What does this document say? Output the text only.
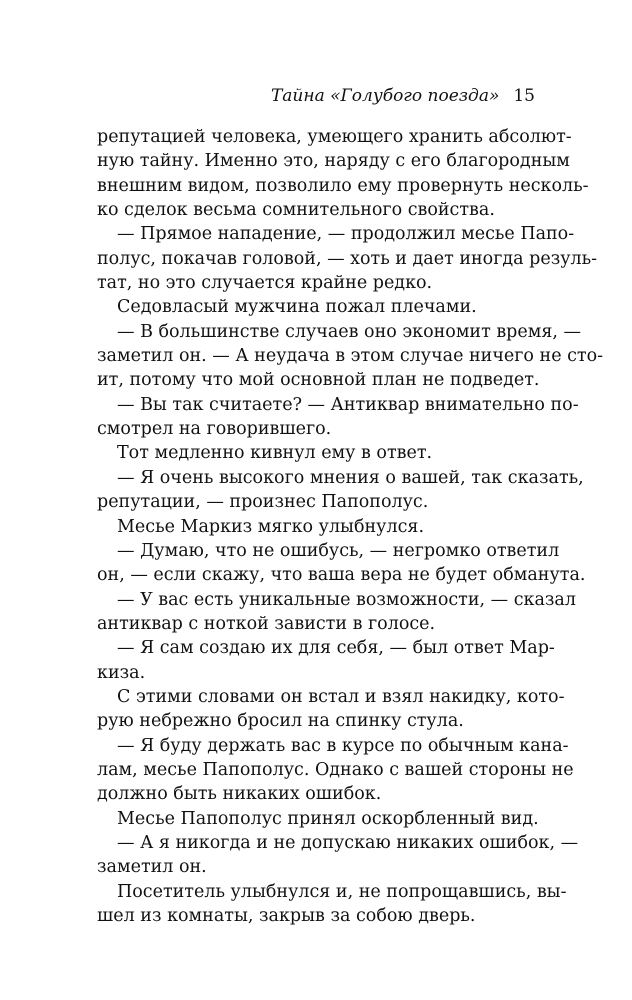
Тайна «Голубого поезда» 15
репутацией человека, умеющего хранить абсолют-
ную тайну. Именно это, наряду с его благородным
внешним видом, позволило ему провернуть несколь-
ко сделок весьма сомнительного свойства.
— Прямое нападение, — продолжил месье Папо-
полус, покачав головой, — хоть и дает иногда резуль-
тат, но это случается крайне редко.
Седовласый мужчина пожал плечами.
— В большинстве случаев оно экономит время, —
заметил он. — А неудача в этом случае ничего не сто-
ит, потому что мой основной план не подведет.
— Вы так считаете? — Антиквар внимательно по-
смотрел на говорившего.
Тот медленно кивнул ему в ответ.
— Я очень высокого мнения о вашей, так сказать,
репутации, — произнес Папополус.
Месье Маркиз мягко улыбнулся.
— Думаю, что не ошибусь, — негромко ответил
он, — если скажу, что ваша вера не будет обманута.
— У вас есть уникальные возможности, — сказал
антиквар с ноткой зависти в голосе.
— Я сам создаю их для себя, — был ответ Мар-
киза.
С этими словами он встал и взял накидку, кото-
рую небрежно бросил на спинку стула.
— Я буду держать вас в курсе по обычным кана-
лам, месье Папополус. Однако с вашей стороны не
должно быть никаких ошибок.
Месье Папополус принял оскорбленный вид.
— А я никогда и не допускаю никаких ошибок, —
заметил он.
Посетитель улыбнулся и, не попрощавшись, вы-
шел из комнаты, закрыв за собою дверь.
